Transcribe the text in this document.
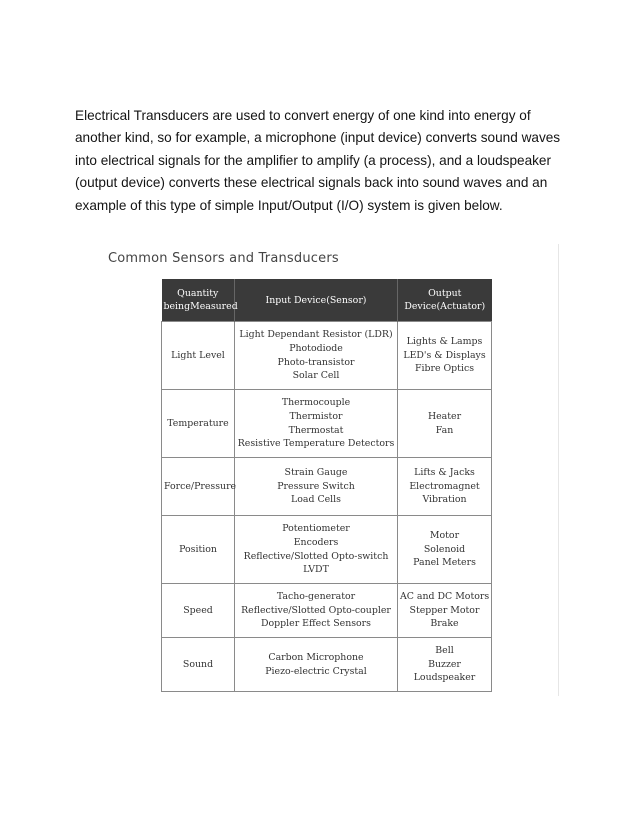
Electrical Transducers are used to convert energy of one kind into energy of
another kind, so for example, a microphone (input device) converts sound waves
into electrical signals for the amplifier to amplify (a process), and a loudspeaker
(output device) converts these electrical signals back into sound waves and an
example of this type of simple Input/Output (I/O) system is given below.

Common Sensors and Transducers
Quantity beingMeasured	Input Device(Sensor)	Output Device(Actuator)
Light Level	Light Dependant Resistor (LDR)
Photodiode
Photo-transistor
Solar Cell	Lights & Lamps
LED's & Displays
Fibre Optics

Temperature	Thermocouple
Thermistor
Thermostat
Resistive Temperature Detectors	Heater
Fan

Force/Pressure	Strain Gauge
Pressure Switch
Load Cells	Lifts & Jacks
Electromagnet
Vibration

Position	Potentiometer
Encoders
Reflective/Slotted Opto-switch
LVDT	Motor
Solenoid
Panel Meters

Speed	Tacho-generator
Reflective/Slotted Opto-coupler
Doppler Effect Sensors	AC and DC Motors
Stepper Motor
Brake

Sound	Carbon Microphone
Piezo-electric Crystal	Bell
Buzzer
Loudspeaker
